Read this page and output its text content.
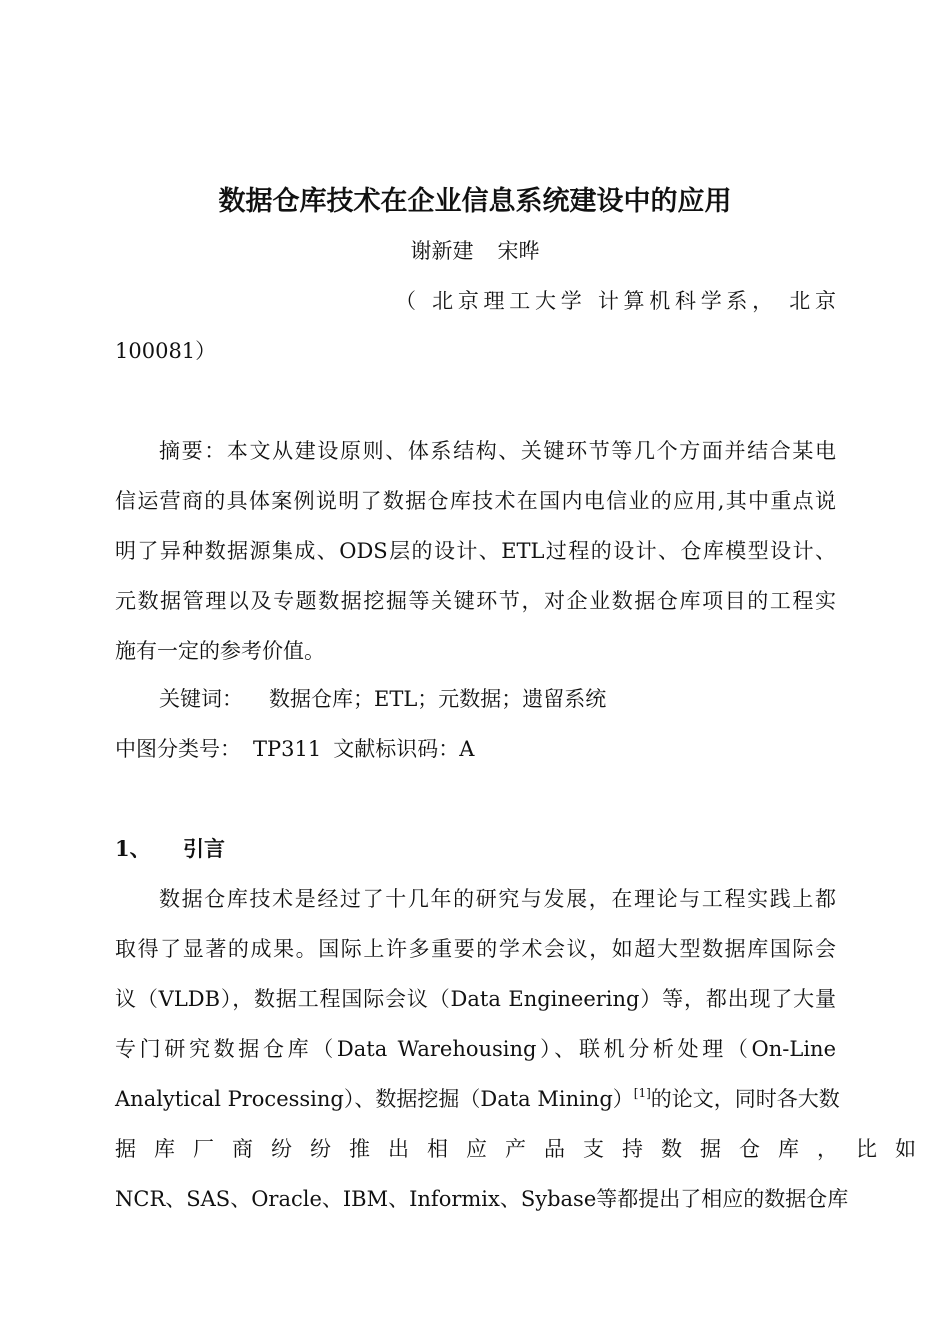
数据仓库技术在企业信息系统建设中的应用
谢新建 宋晔
（ 北京理工大学 计算机科学系， 北京
100081）
摘要：本文从建设原则、体系结构、关键环节等几个方面并结合某电
信运营商的具体案例说明了数据仓库技术在国内电信业的应用,其中重点说
明了异种数据源集成、ODS层的设计、ETL过程的设计、仓库模型设计、
元数据管理以及专题数据挖掘等关键环节，对企业数据仓库项目的工程实
施有一定的参考价值。
关键词： 数据仓库；ETL；元数据；遗留系统
中图分类号： TP311 文献标识码：A
1、 引言
数据仓库技术是经过了十几年的研究与发展，在理论与工程实践上都
取得了显著的成果。国际上许多重要的学术会议，如超大型数据库国际会
议（VLDB），数据工程国际会议（Data Engineering）等，都出现了大量
专门研究数据仓库（Data Warehousing）、联机分析处理（On-Line
Analytical Processing）、数据挖掘（Data Mining）[1] 的论文，同时各大数
据库厂商纷纷推出相应产品支持数据仓库，比如
NCR、SAS、Oracle、IBM、Informix、Sybase等都提出了相应的数据仓库
